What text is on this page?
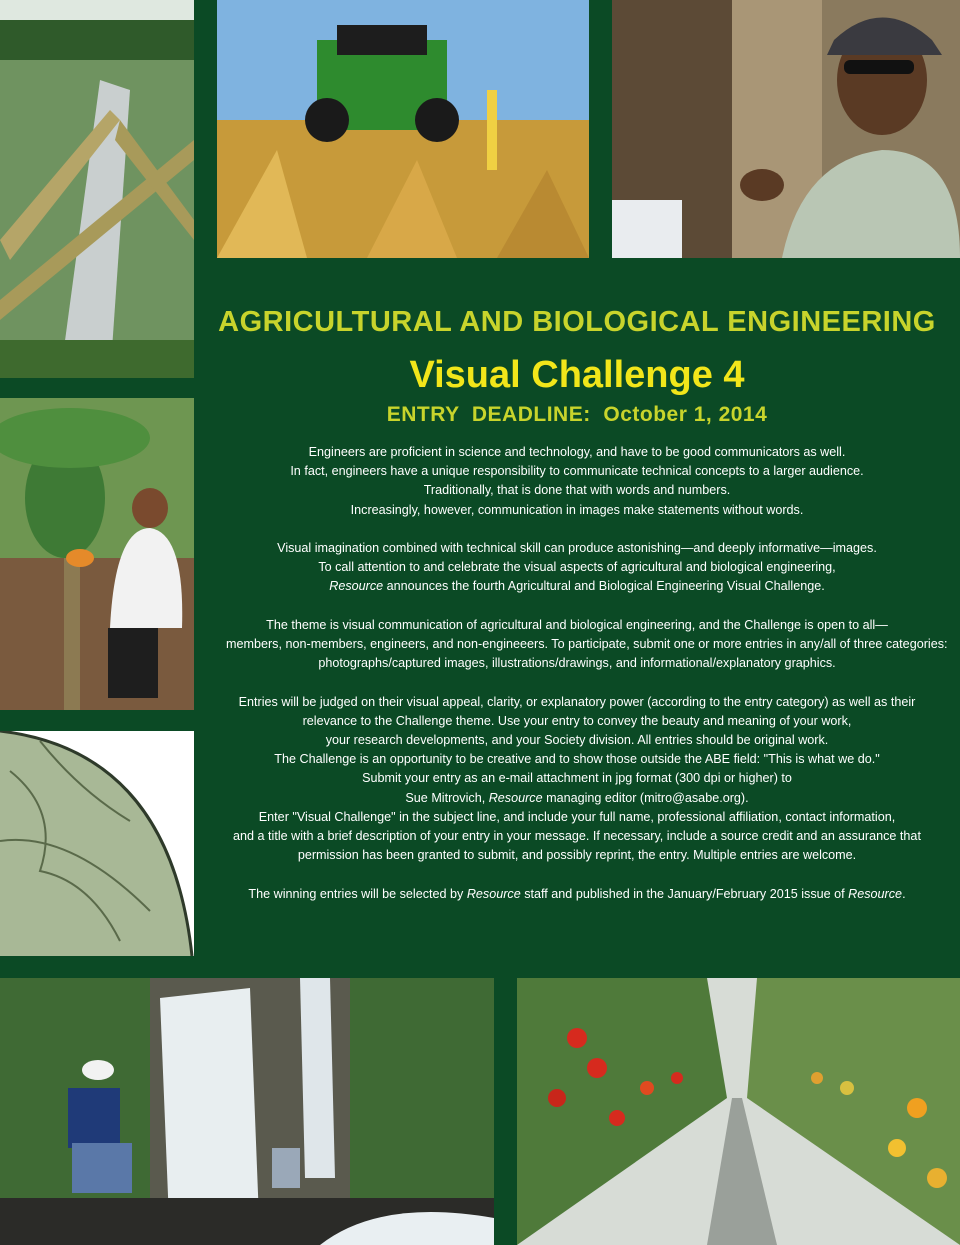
AGRICULTURAL AND BIOLOGICAL ENGINEERING
Visual Challenge 4
ENTRY  DEADLINE:  October 1, 2014

Engineers are proficient in science and technology, and have to be good communicators as well.
In fact, engineers have a unique responsibility to communicate technical concepts to a larger audience.
Traditionally, that is done that with words and numbers.
Increasingly, however, communication in images make statements without words.

Visual imagination combined with technical skill can produce astonishing—and deeply informative—images.
To call attention to and celebrate the visual aspects of agricultural and biological engineering,
Resource announces the fourth Agricultural and Biological Engineering Visual Challenge.

The theme is visual communication of agricultural and biological engineering, and the Challenge is open to all—
members, non-members, engineers, and non-engineeers. To participate, submit one or more entries in any/all of three categories:
photographs/captured images, illustrations/drawings, and informational/explanatory graphics.

Entries will be judged on their visual appeal, clarity, or explanatory power (according to the entry category) as well as their
relevance to the Challenge theme. Use your entry to convey the beauty and meaning of your work,
your research developments, and your Society division. All entries should be original work.
The Challenge is an opportunity to be creative and to show those outside the ABE field: "This is what we do."
Submit your entry as an e-mail attachment in jpg format (300 dpi or higher) to
Sue Mitrovich, Resource managing editor (mitro@asabe.org).
Enter "Visual Challenge" in the subject line, and include your full name, professional affiliation, contact information,
and a title with a brief description of your entry in your message. If necessary, include a source credit and an assurance that
permission has been granted to submit, and possibly reprint, the entry. Multiple entries are welcome.

The winning entries will be selected by Resource staff and published in the January/February 2015 issue of Resource.
